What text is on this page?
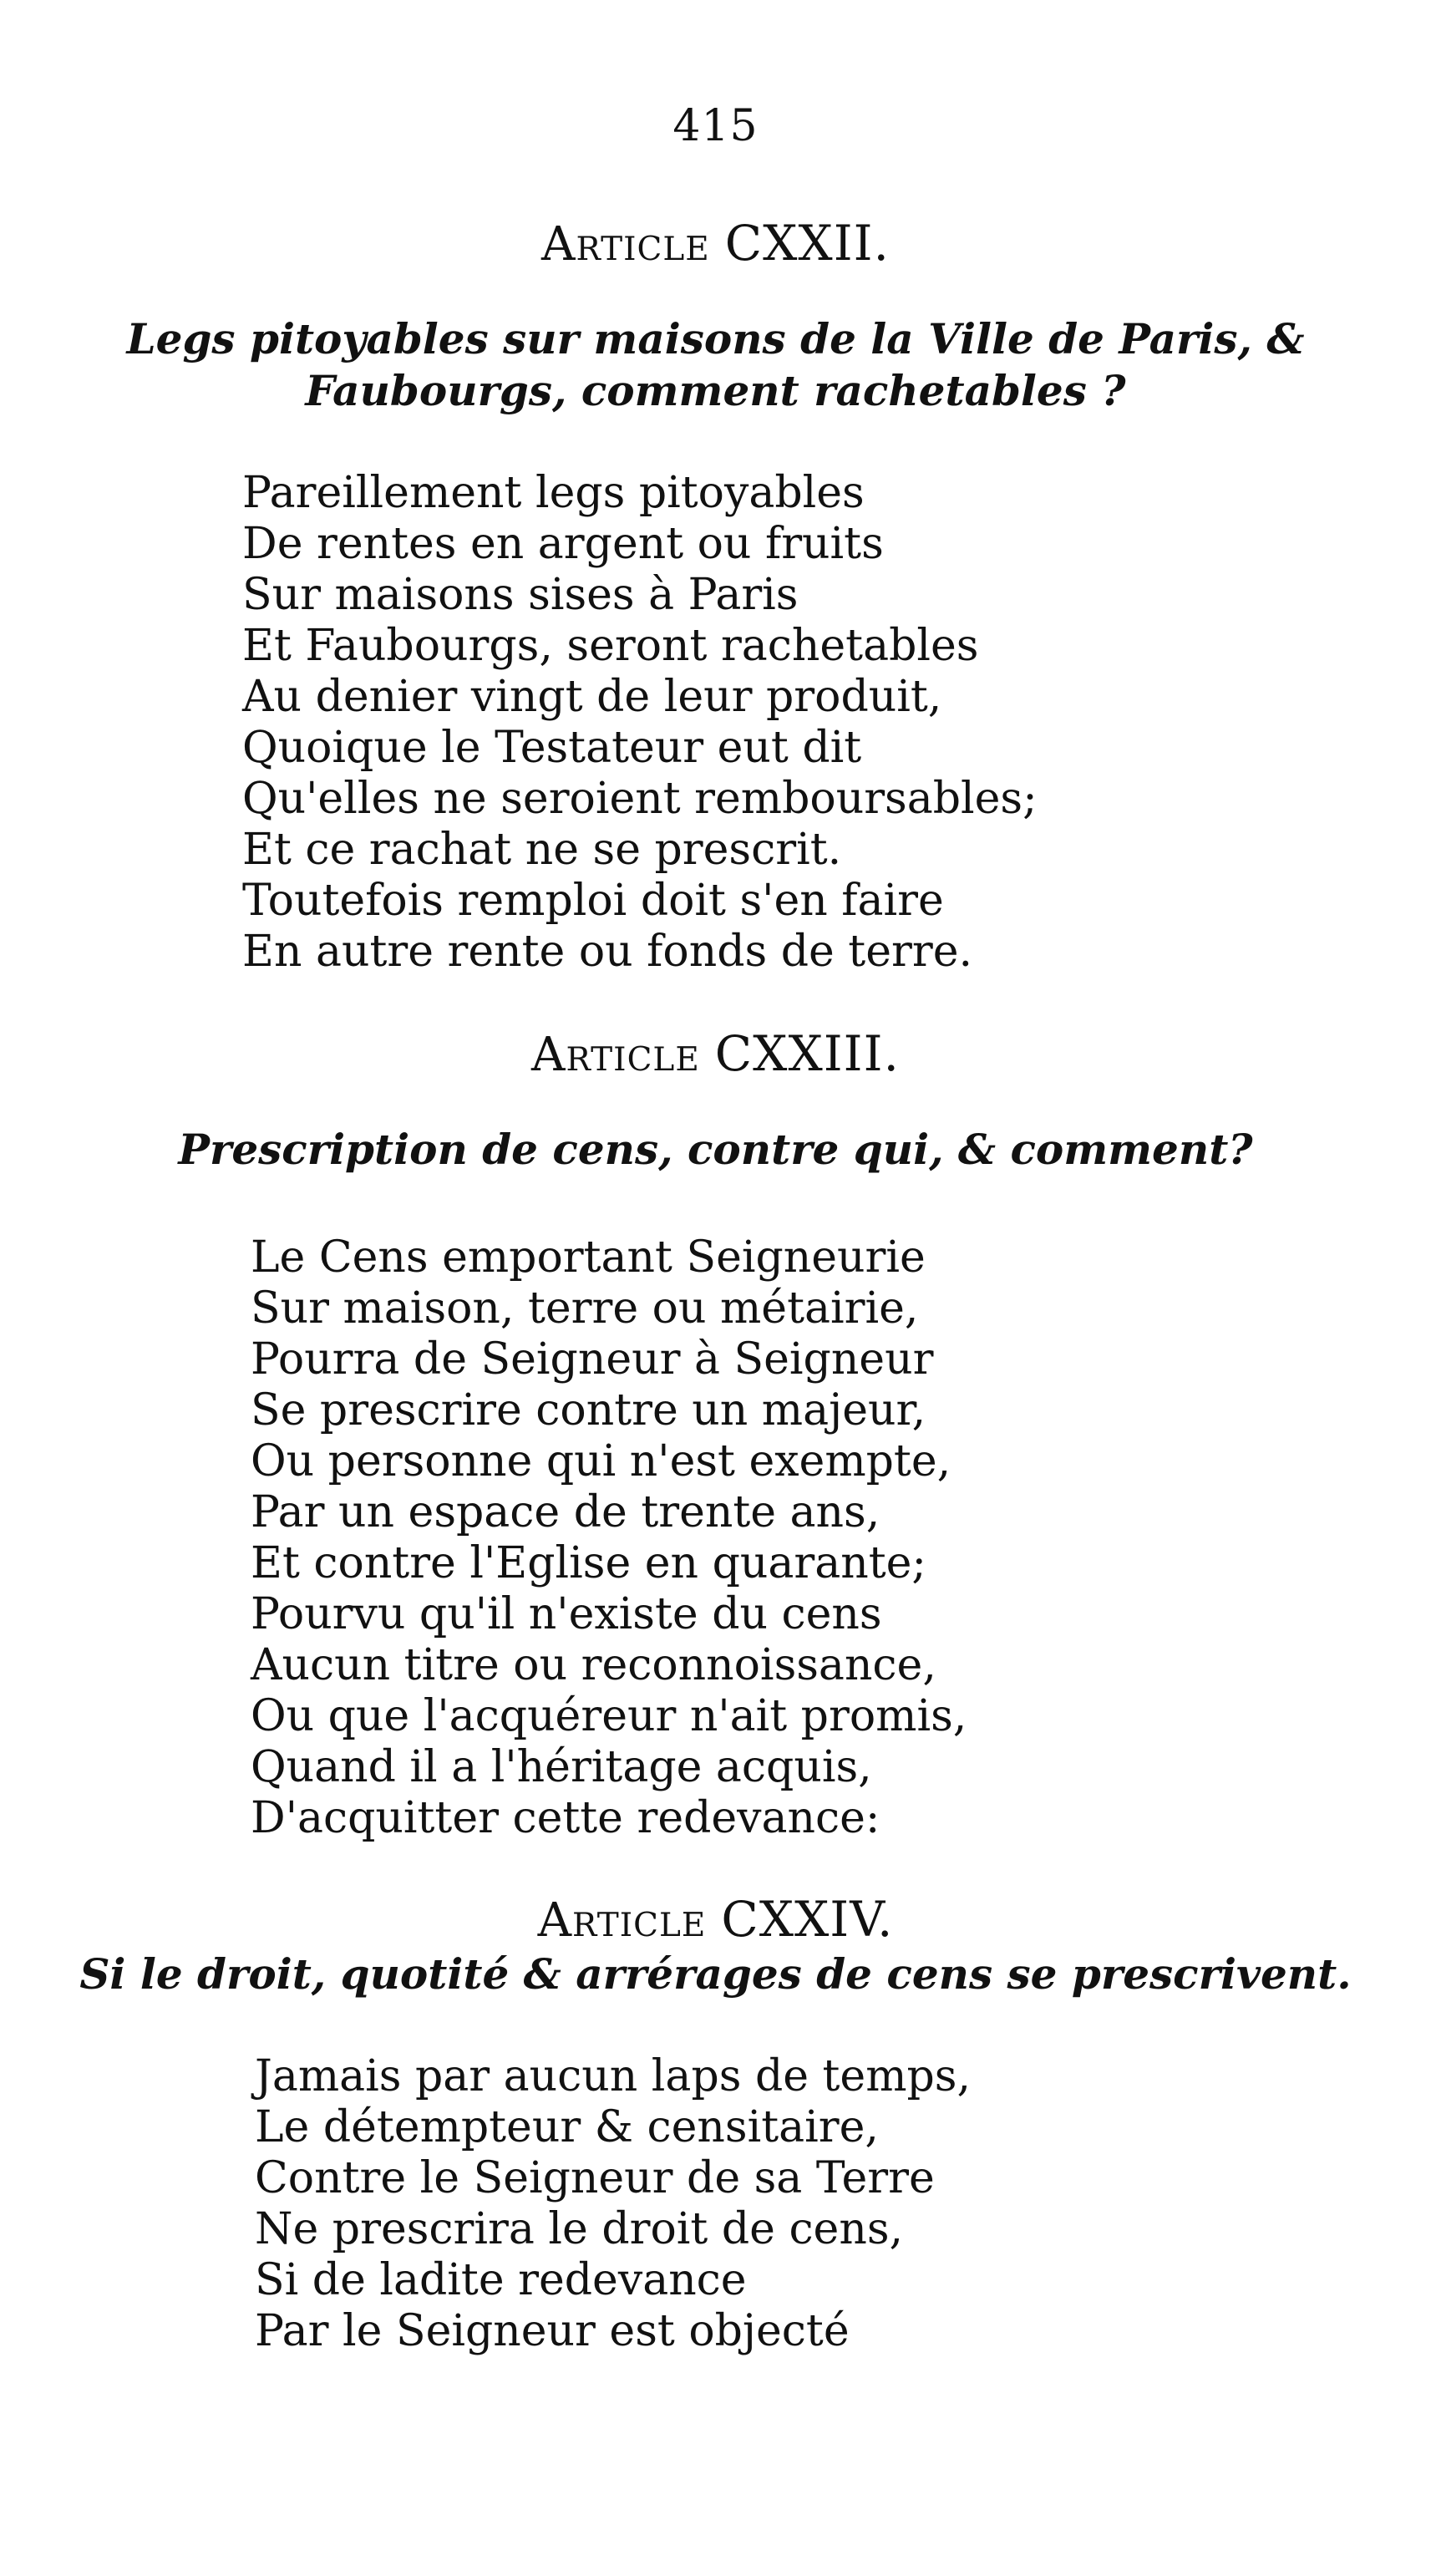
415
Article CXXII.
Legs pitoyables sur maisons de la Ville de Paris, &
Faubourgs, comment rachetables ?
Pareillement legs pitoyables
De rentes en argent ou fruits
Sur maisons sises à Paris
Et Faubourgs, seront rachetables
Au denier vingt de leur produit,
Quoique le Testateur eut dit
Qu'elles ne seroient remboursables;
Et ce rachat ne se prescrit.
Toutefois remploi doit s'en faire
En autre rente ou fonds de terre.
Article CXXIII.
Prescription de cens, contre qui, & comment?
Le Cens emportant Seigneurie
Sur maison, terre ou métairie,
Pourra de Seigneur à Seigneur
Se prescrire contre un majeur,
Ou personne qui n'est exempte,
Par un espace de trente ans,
Et contre l'Eglise en quarante;
Pourvu qu'il n'existe du cens
Aucun titre ou reconnoissance,
Ou que l'acquéreur n'ait promis,
Quand il a l'héritage acquis,
D'acquitter cette redevance:
Article CXXIV.
Si le droit, quotité & arrérages de cens se prescrivent.
Jamais par aucun laps de temps,
Le détempteur & censitaire,
Contre le Seigneur de sa Terre
Ne prescrira le droit de cens,
Si de ladite redevance
Par le Seigneur est objecté
